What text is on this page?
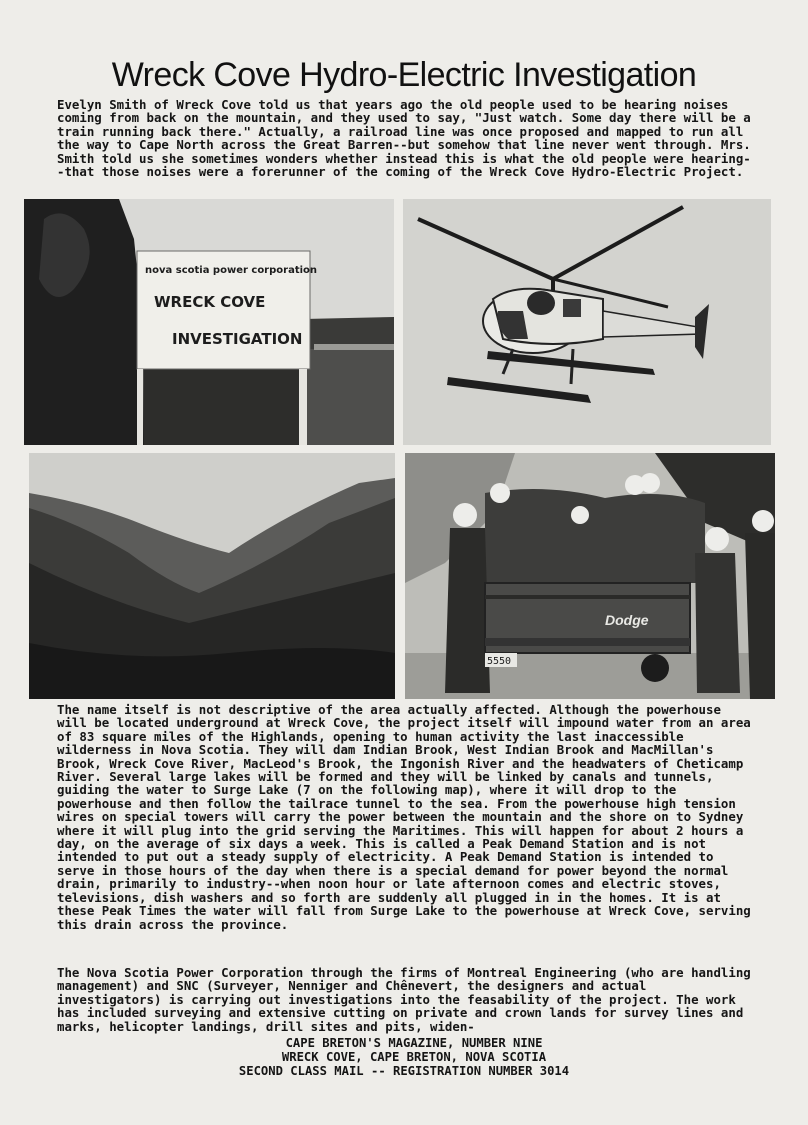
Wreck Cove Hydro-Electric Investigation

Evelyn Smith of Wreck Cove told us that years ago the old people used to be hearing noises coming from back on the mountain, and they used to say, "Just watch. Some day there will be a train running back there." Actually, a railroad line was once proposed and mapped to run all the way to Cape North across the Great Barren--but somehow that line never went through. Mrs. Smith told us she sometimes wonders whether instead this is what the old people were hearing--that those noises were a forerunner of the coming of the Wreck Cove Hydro-Electric Project.

nova scotia power corporation
WRECK COVE
INVESTIGATION
Dodge
5550

The name itself is not descriptive of the area actually affected. Although the powerhouse will be located underground at Wreck Cove, the project itself will impound water from an area of 83 square miles of the Highlands, opening to human activity the last inaccessible wilderness in Nova Scotia. They will dam Indian Brook, West Indian Brook and MacMillan's Brook, Wreck Cove River, MacLeod's Brook, the Ingonish River and the headwaters of Cheticamp River. Several large lakes will be formed and they will be linked by canals and tunnels, guiding the water to Surge Lake (7 on the following map), where it will drop to the powerhouse and then follow the tailrace tunnel to the sea. From the powerhouse high tension wires on special towers will carry the power between the mountain and the shore on to Sydney where it will plug into the grid serving the Maritimes. This will happen for about 2 hours a day, on the average of six days a week. This is called a Peak Demand Station and is not intended to put out a steady supply of electricity. A Peak Demand Station is intended to serve in those hours of the day when there is a special demand for power beyond the normal drain, primarily to industry--when noon hour or late afternoon comes and electric stoves, televisions, dish washers and so forth are suddenly all plugged in in the homes. It is at these Peak Times the water will fall from Surge Lake to the powerhouse at Wreck Cove, serving this drain across the province.

The Nova Scotia Power Corporation through the firms of Montreal Engineering (who are handling management) and SNC (Surveyer, Nenniger and Chênevert, the designers and actual investigators) is carrying out investigations into the feasability of the project. The work has included surveying and extensive cutting on private and crown lands for survey lines and marks, helicopter landings, drill sites and pits, widen-

CAPE BRETON'S MAGAZINE, NUMBER NINE

WRECK COVE, CAPE BRETON, NOVA SCOTIA

SECOND CLASS MAIL -- REGISTRATION NUMBER 3014
